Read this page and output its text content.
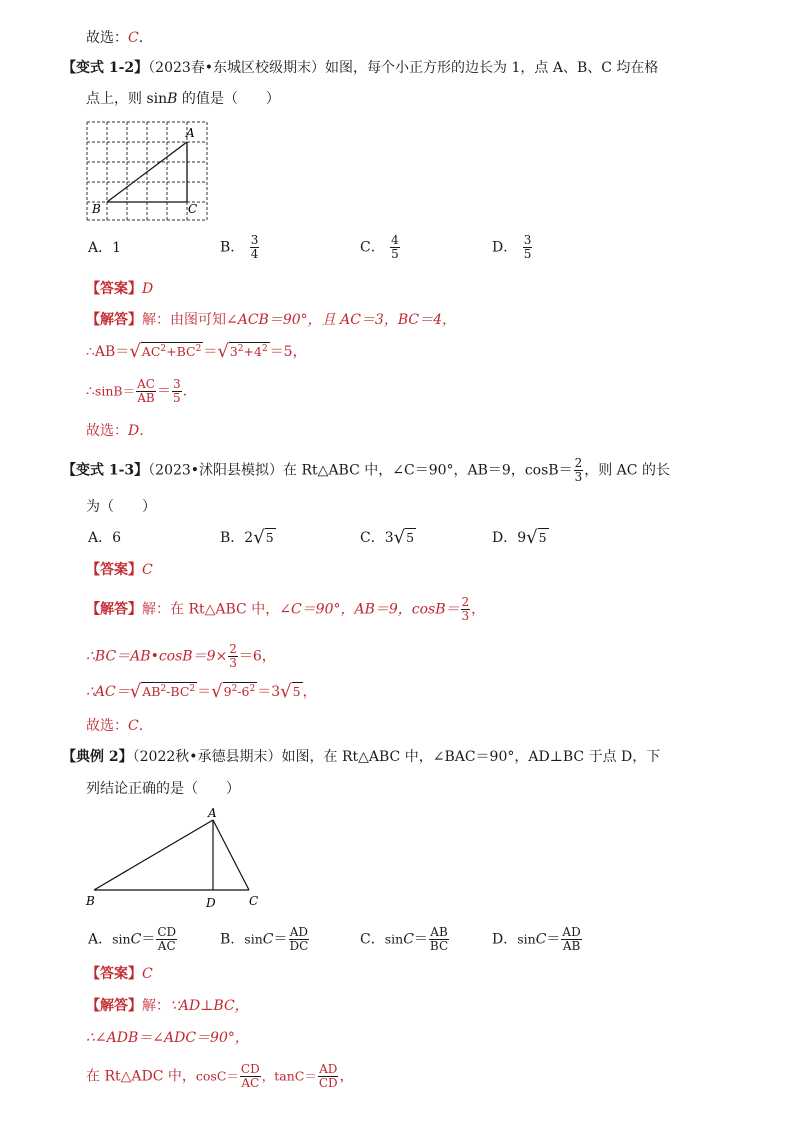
故选：C.
【变式 1-2】（2023春•东城区校级期末）如图，每个小正方形的边长为 1，点 A、B、C 均在格
点上，则 sinB 的值是（　　）
A
B	C
A．1	B． $\frac{3}{4}$	C． $\frac{4}{5}$	D． $\frac{3}{5}$
【答案】D
【解答】解：由图可知∠ACB＝90°，且 AC＝3，BC＝4，
∴AB＝ √ $AC^2+BC^2$ ＝ √ $3^2+4^2 =5$，
∴sinB＝ $\frac{AC}{AB} = \frac{3}{5}$ .
故选：D.
【变式 1-3】（2023•沭阳县模拟）在 Rt△ABC 中，∠C＝90°，AB＝9，$\cos B= \frac{2}{3}$ ，则 AC 的长
为（　　）
A．6	B．2 √ 5	C．3 √ 5	D．9 √ 5
【答案】C
【解答】解：在 Rt△ABC 中，∠C＝90°，AB＝9，$\cos B= \frac{2}{3}$ ，
∴BC＝AB•cosB＝9× $\frac{2}{3} =6$，
∴AC＝ √ $AB^2-BC^2$ ＝ √ $9^2-6^2 =3$ √ 5 ，
故选：C.
【典例 2】（2022秋•承德县期末）如图，在 Rt△ABC 中，∠BAC＝90°，AD⊥BC 于点 D，下
列结论正确的是（　　）
A
B	D	C
A．$\sin C= \frac{CD}{AC}$	B．$\sin C= \frac{AD}{DC}$	C．$\sin C= \frac{AB}{BC}$	D．$\sin C= \frac{AD}{AB}$
【答案】C
【解答】解：∵AD⊥BC，
∴∠ADB＝∠ADC＝90°，
在 Rt△ADC 中，$\cos C= \frac{CD}{AC}$ ，$\tan C= \frac{AD}{CD}$ ，
